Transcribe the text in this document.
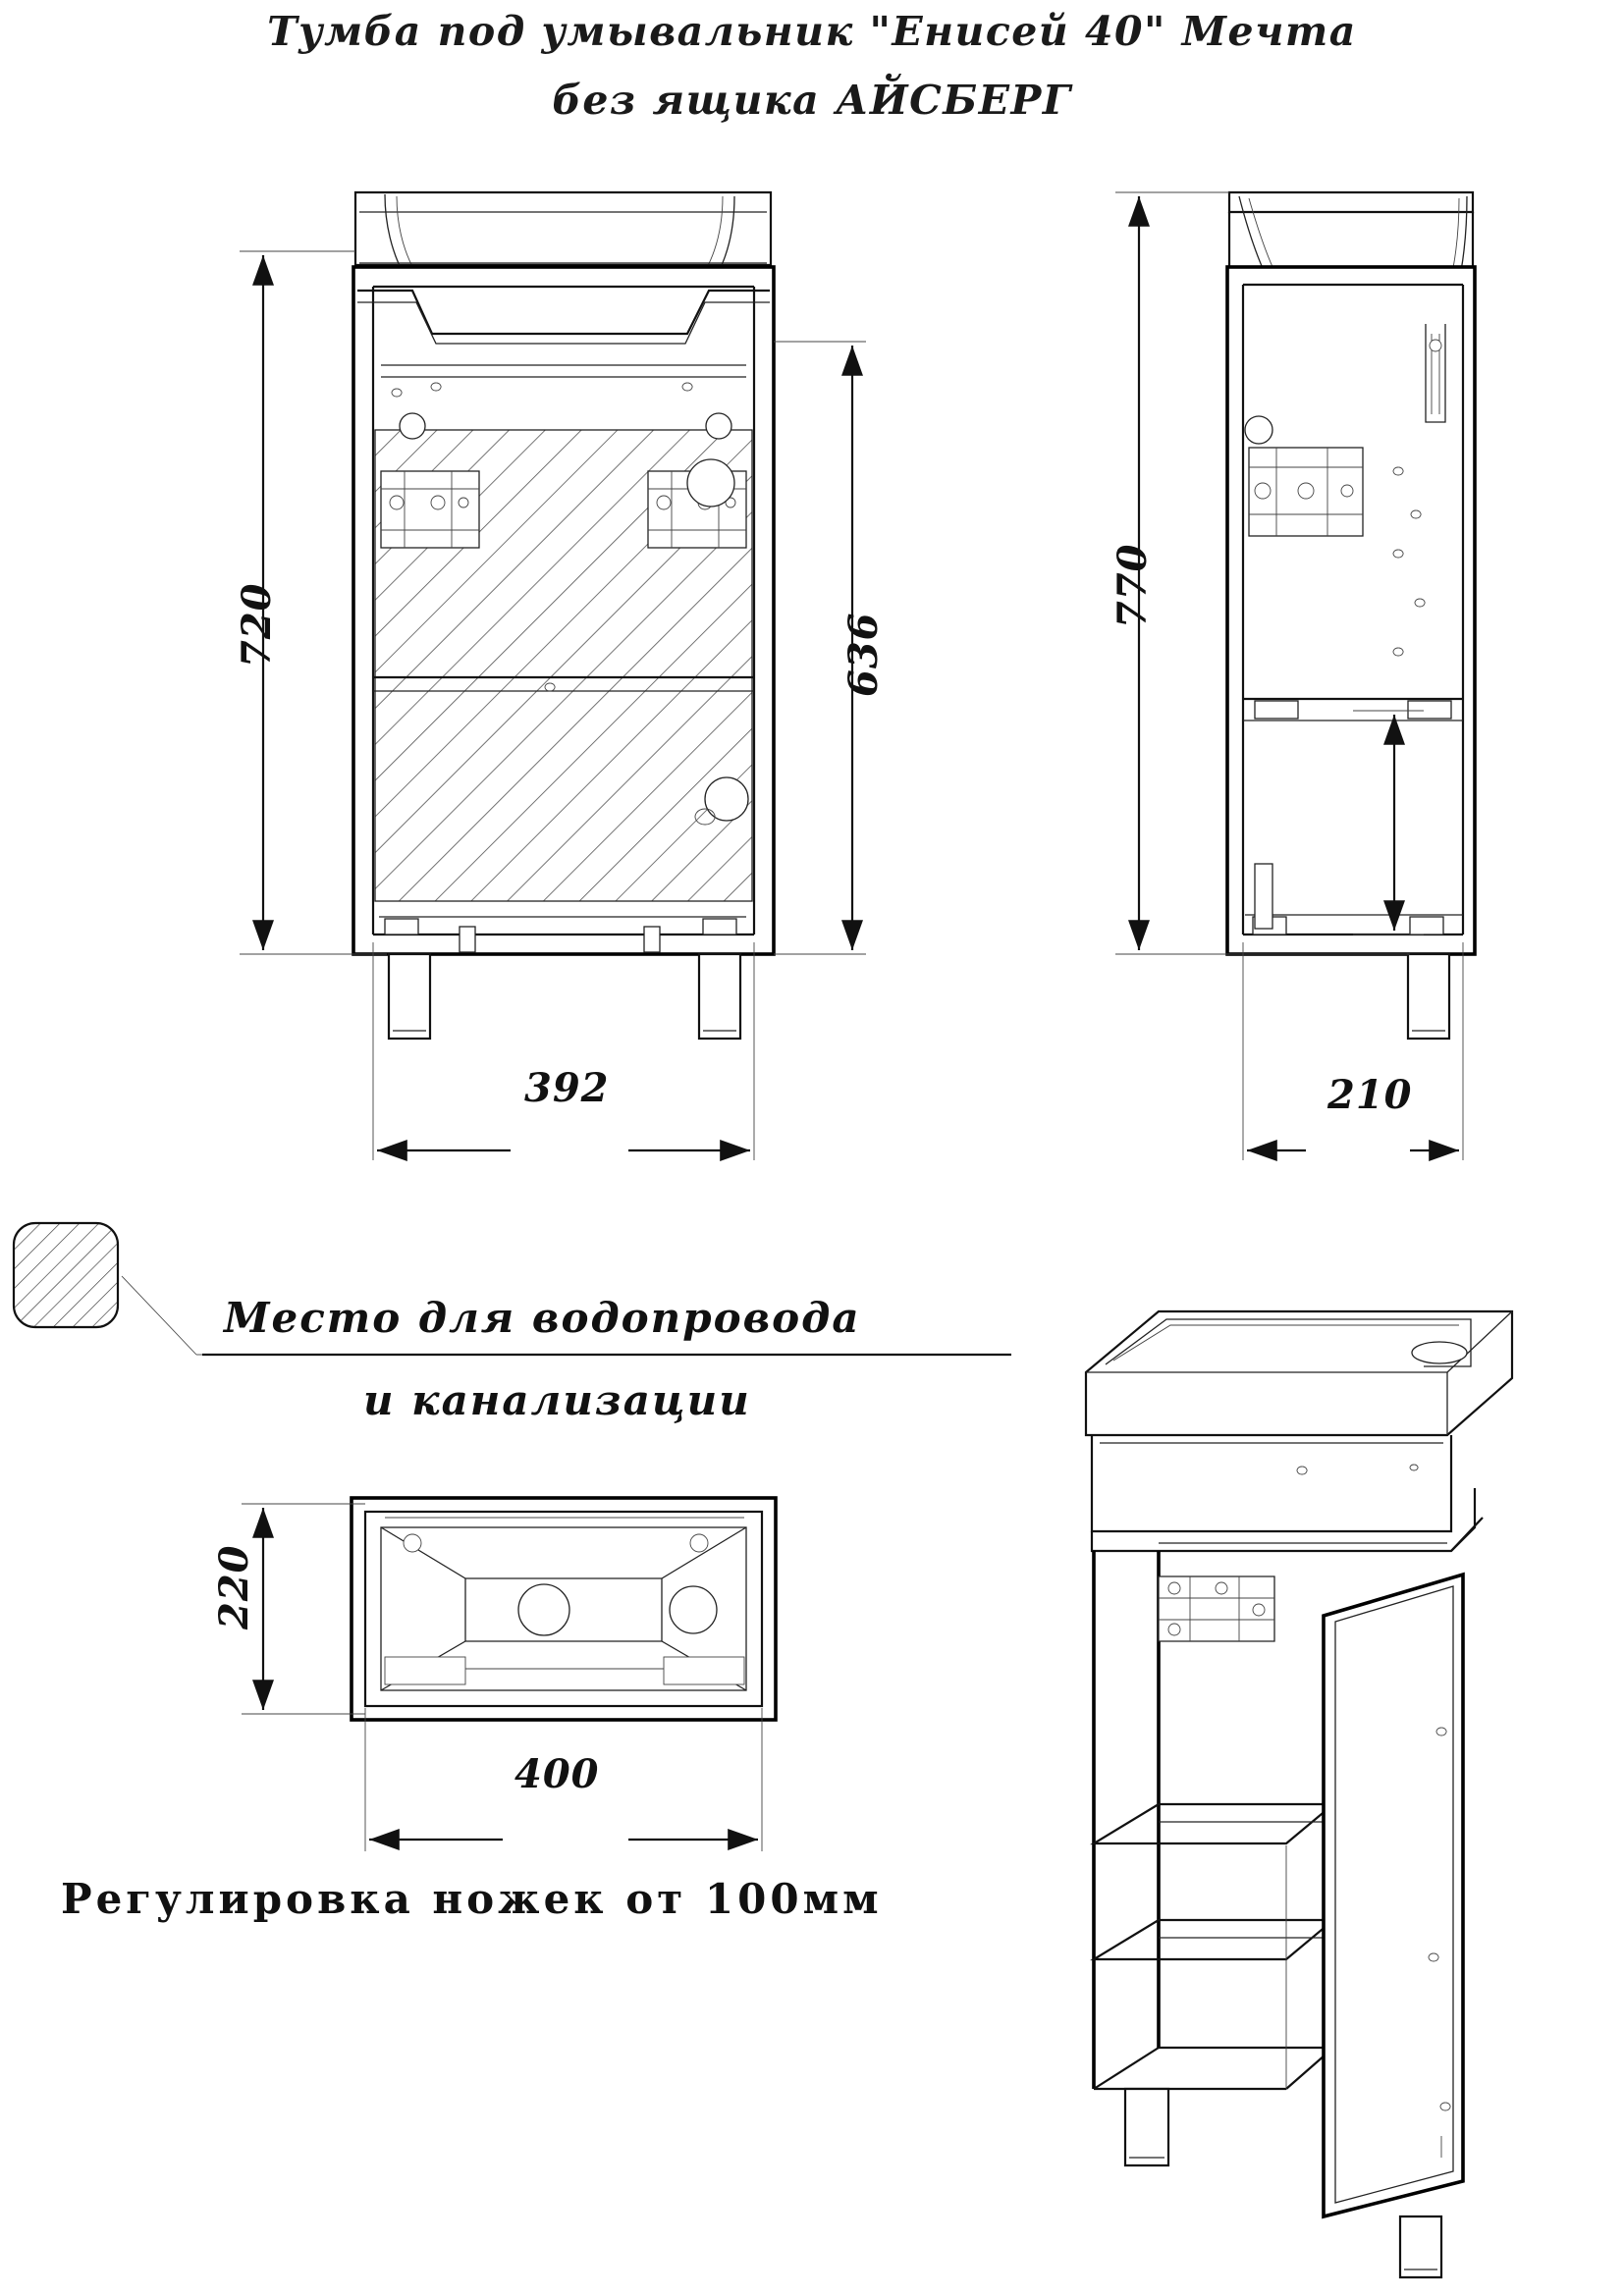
Тумба под умывальник "Енисей 40" Мечта
без ящика АЙСБЕРГ
720	636
392
770
210
220
400
Место для водопровода
и канализации
Регулировка ножек от 100мм
